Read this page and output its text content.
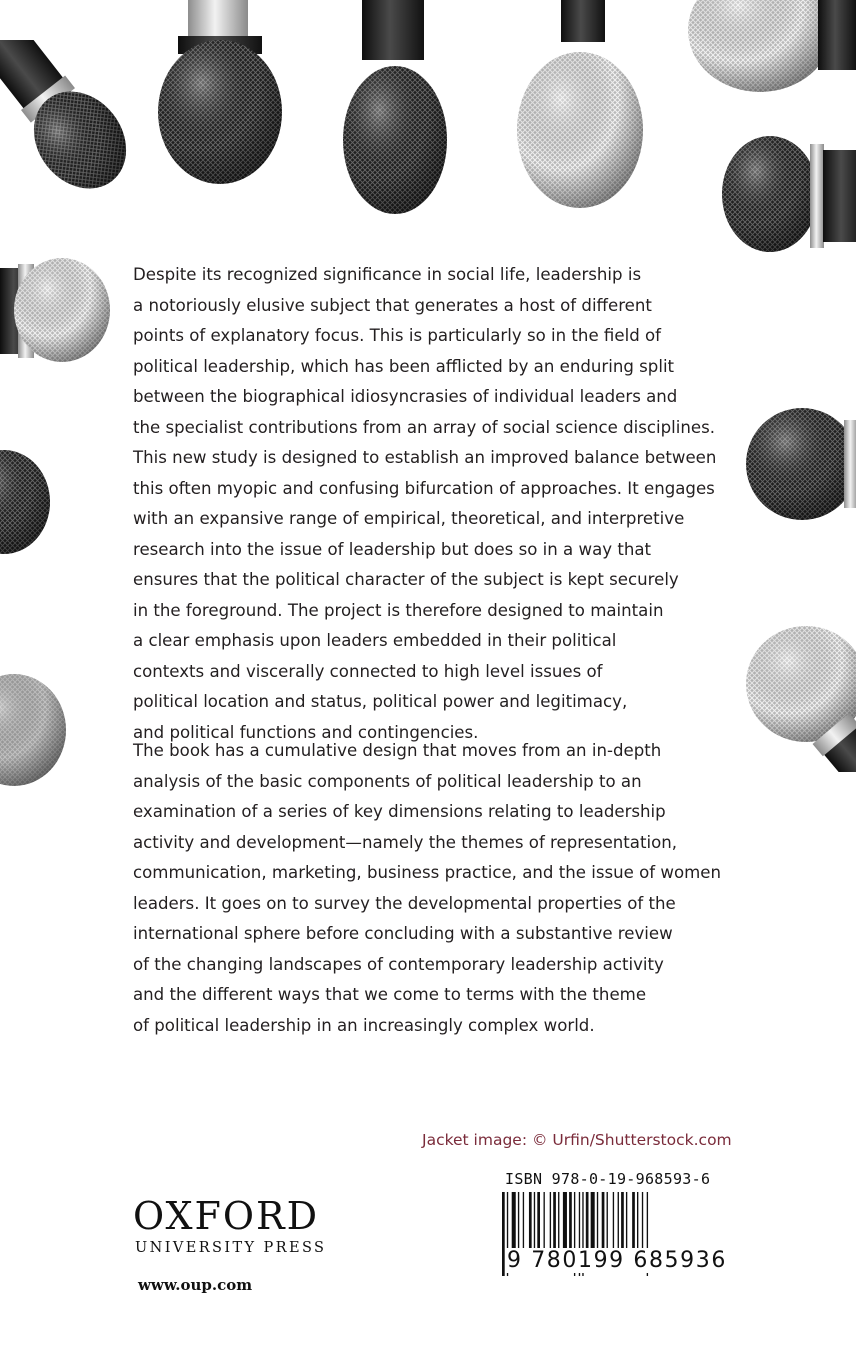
Despite its recognized significance in social life, leadership is
a notoriously elusive subject that generates a host of different
points of explanatory focus. This is particularly so in the field of
political leadership, which has been afflicted by an enduring split
between the biographical idiosyncrasies of individual leaders and
the specialist contributions from an array of social science disciplines.
This new study is designed to establish an improved balance between
this often myopic and confusing bifurcation of approaches. It engages
with an expansive range of empirical, theoretical, and interpretive
research into the issue of leadership but does so in a way that
ensures that the political character of the subject is kept securely
in the foreground. The project is therefore designed to maintain
a clear emphasis upon leaders embedded in their political
contexts and viscerally connected to high level issues of
political location and status, political power and legitimacy,
and political functions and contingencies.
The book has a cumulative design that moves from an in-depth
analysis of the basic components of political leadership to an
examination of a series of key dimensions relating to leadership
activity and development—namely the themes of representation,
communication, marketing, business practice, and the issue of women
leaders. It goes on to survey the developmental properties of the
international sphere before concluding with a substantive review
of the changing landscapes of contemporary leadership activity
and the different ways that we come to terms with the theme
of political leadership in an increasingly complex world.
Jacket image: © Urfin/Shutterstock.com
ISBN 978-0-19-968593-6
9 780199 685936
OXFORD
UNIVERSITY PRESS
www.oup.com
